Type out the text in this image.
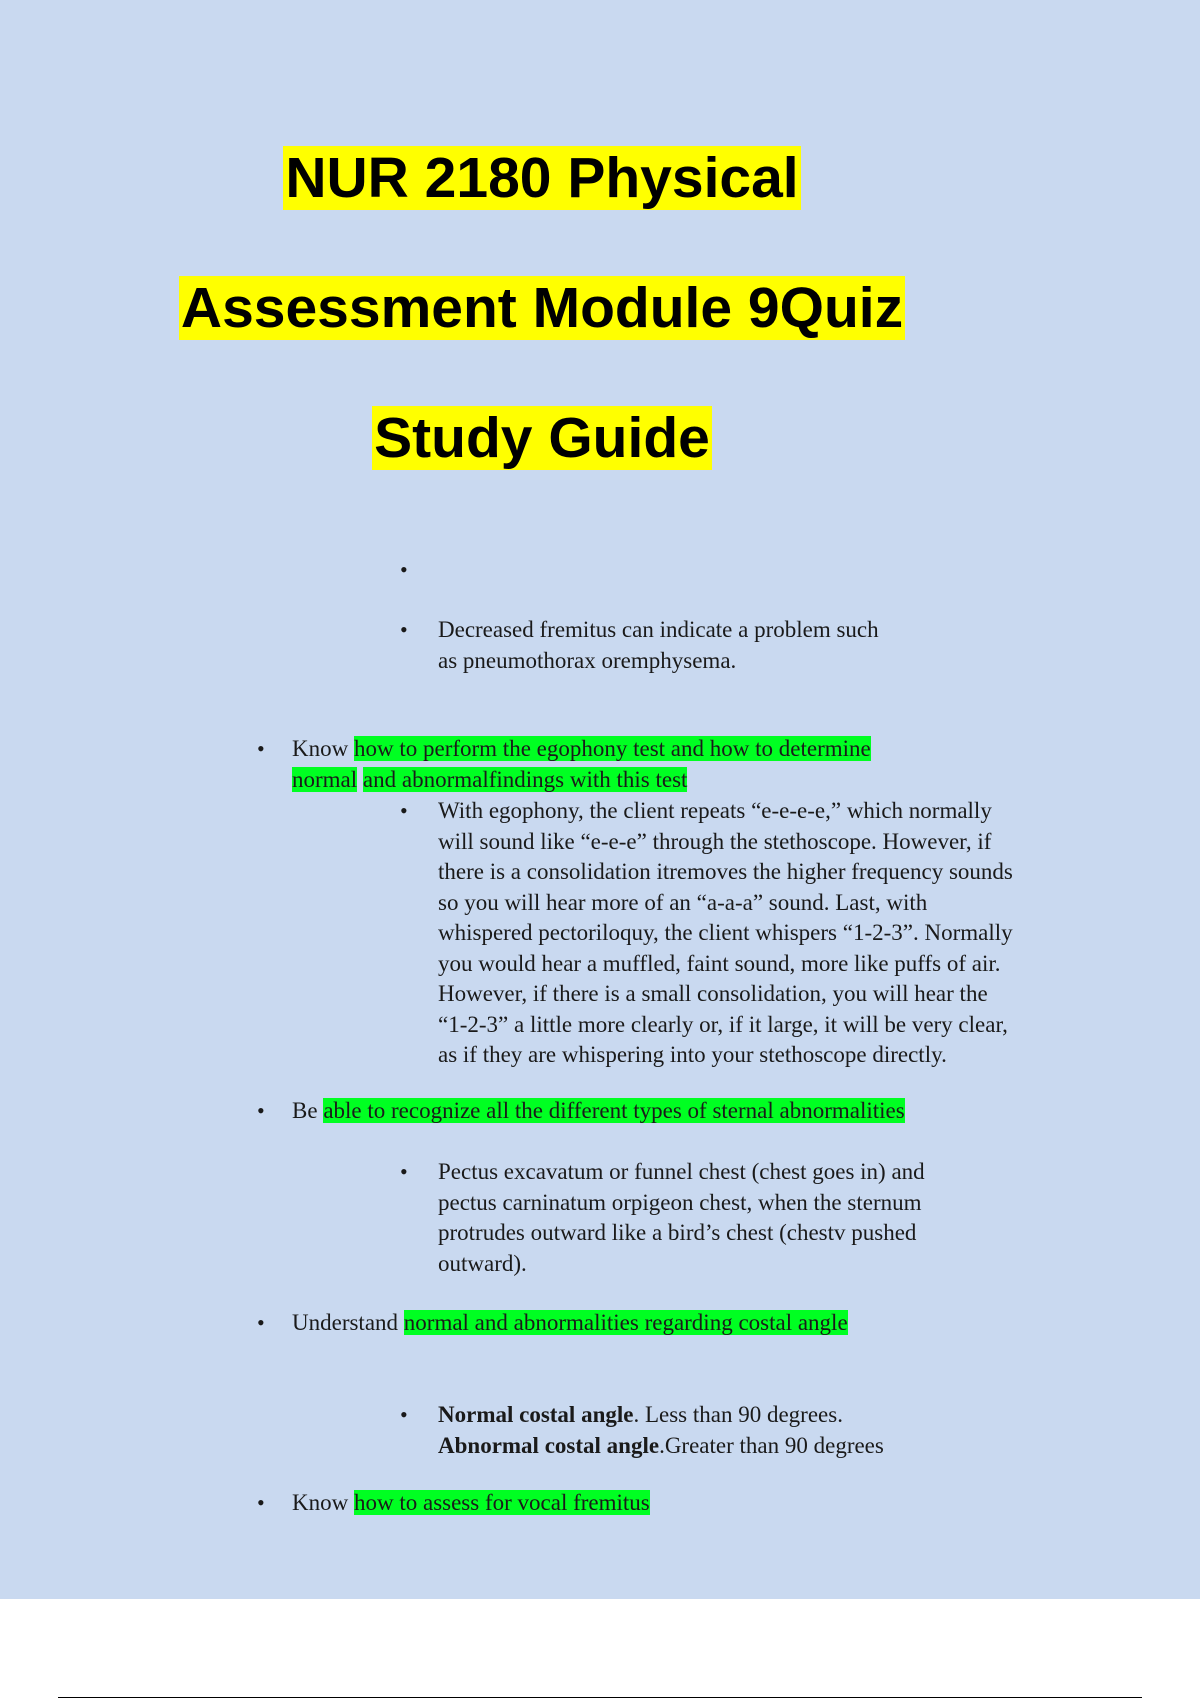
NUR 2180 Physical
Assessment Module 9Quiz
Study Guide
•
• Decreased fremitus can indicate a problem such
as pneumothorax oremphysema.
• Know how to perform the egophony test and how to determine
normal and abnormalfindings with this test
• With egophony, the client repeats “e-e-e-e,” which normally
will sound like “e-e-e” through the stethoscope. However, if
there is a consolidation itremoves the higher frequency sounds
so you will hear more of an “a-a-a” sound. Last, with
whispered pectoriloquy, the client whispers “1-2-3”. Normally
you would hear a muffled, faint sound, more like puffs of air.
However, if there is a small consolidation, you will hear the
“1-2-3” a little more clearly or, if it large, it will be very clear,
as if they are whispering into your stethoscope directly.
• Be able to recognize all the different types of sternal abnormalities
• Pectus excavatum or funnel chest (chest goes in) and
pectus carninatum orpigeon chest, when the sternum
protrudes outward like a bird’s chest (chestv pushed
outward).
• Understand normal and abnormalities regarding costal angle
• Normal costal angle. Less than 90 degrees.
Abnormal costal angle.Greater than 90 degrees
• Know how to assess for vocal fremitus
